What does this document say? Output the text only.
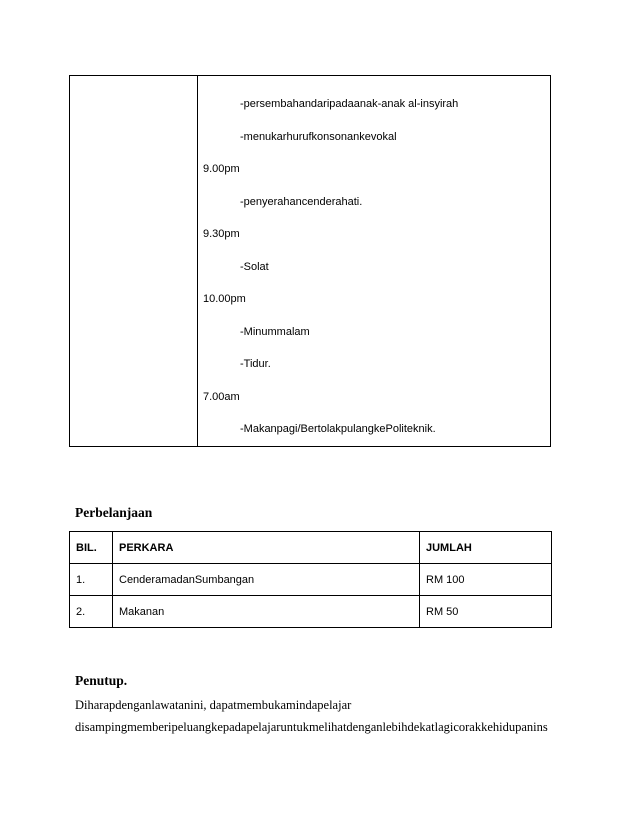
-persembahandaripadaanak-anak al-insyirah
-menukarhurufkonsonankevokal
9.00pm
-penyerahancenderahati.
9.30pm
-Solat
10.00pm
-Minummalam
-Tidur.
7.00am
-Makanpagi/BertolakpulangkePoliteknik.
Perbelanjaan
BIL.	PERKARA	JUMLAH
1.	CenderamadanSumbangan	RM 100
2.	Makanan	RM 50
Penutup.
Diharapdenganlawatanini, dapatmembukamindapelajar
disampingmemberipeluangkepadapelajaruntukmelihatdenganlebihdekatlagicorakkehidupanins
